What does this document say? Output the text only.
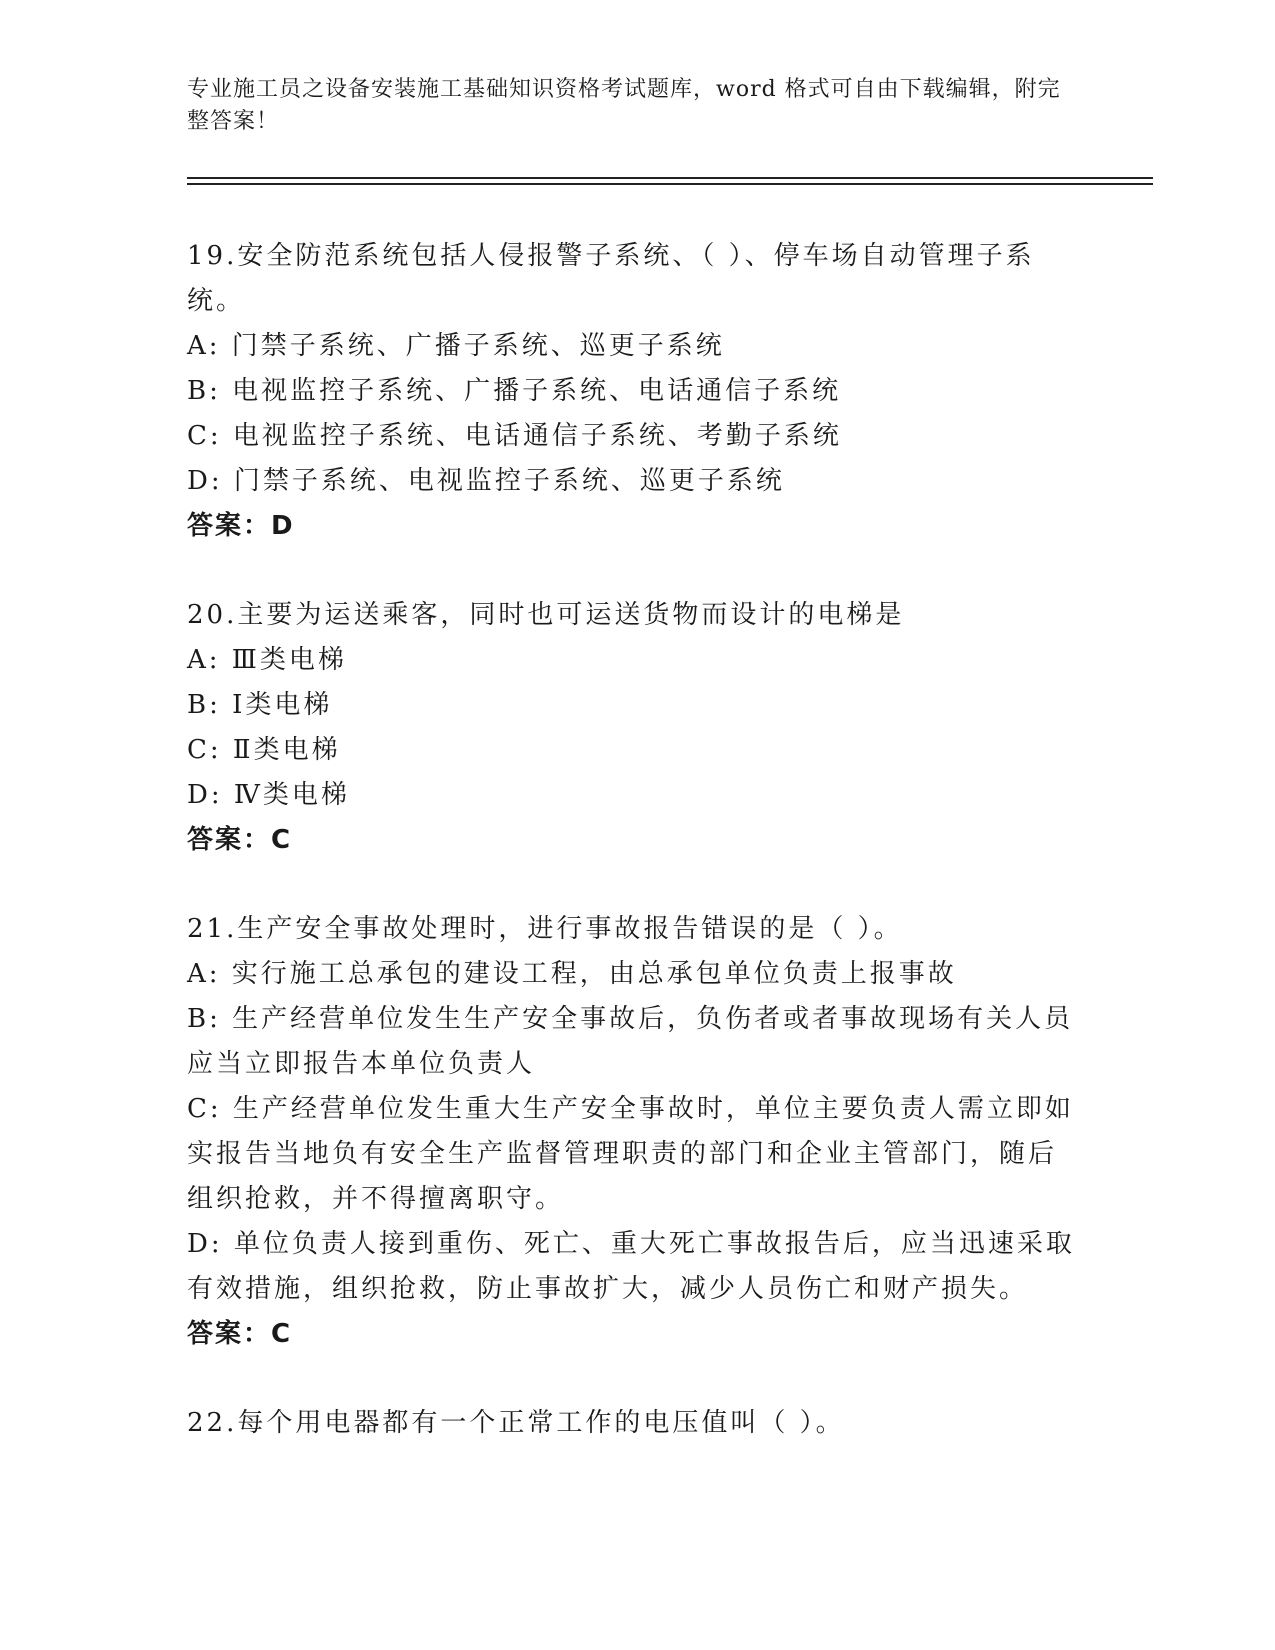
专业施工员之设备安装施工基础知识资格考试题库，word 格式可自由下载编辑，附完整答案！
19.安全防范系统包括人侵报警子系统、（ ）、停车场自动管理子系统。
A: 门禁子系统、广播子系统、巡更子系统
B: 电视监控子系统、广播子系统、电话通信子系统
C: 电视监控子系统、电话通信子系统、考勤子系统
D: 门禁子系统、电视监控子系统、巡更子系统
答案：D
20.主要为运送乘客，同时也可运送货物而设计的电梯是
A: Ⅲ类电梯
B: Ⅰ类电梯
C: Ⅱ类电梯
D: Ⅳ类电梯
答案：C
21.生产安全事故处理时，进行事故报告错误的是（ ）。
A: 实行施工总承包的建设工程，由总承包单位负责上报事故
B: 生产经营单位发生生产安全事故后，负伤者或者事故现场有关人员应当立即报告本单位负责人
C: 生产经营单位发生重大生产安全事故时，单位主要负责人需立即如实报告当地负有安全生产监督管理职责的部门和企业主管部门，随后组织抢救，并不得擅离职守。
D: 单位负责人接到重伤、死亡、重大死亡事故报告后，应当迅速采取有效措施，组织抢救，防止事故扩大，减少人员伤亡和财产损失。
答案：C
22.每个用电器都有一个正常工作的电压值叫（ ）。
